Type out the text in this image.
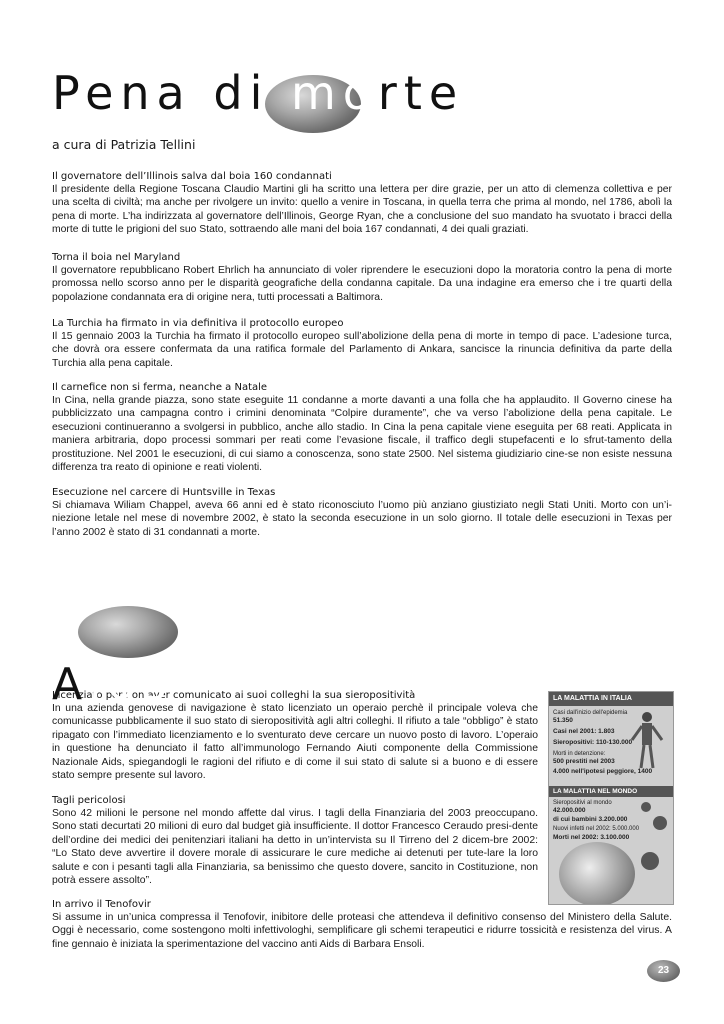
Pena di morte
a cura di Patrizia Tellini

Il governatore dell’Illinois salva dal boia 160 condannati

Il presidente della Regione Toscana Claudio Martini gli ha scritto una lettera per dire grazie, per un atto di clemenza collettiva e per una scelta di civiltà; ma anche per rivolgere un invito: quello a venire in Toscana, in quella terra che prima al mondo, nel 1786, abolì la pena di morte. L’ha indirizzata al governatore dell’Illinois, George Ryan, che a conclusione del suo mandato ha svuotato i bracci della morte di tutte le prigioni del suo Stato, sottraendo alle mani del boia 167 condannati, 4 dei quali graziati.

Torna il boia nel Maryland

Il governatore repubblicano Robert Ehrlich ha annunciato di voler riprendere le esecuzioni dopo la moratoria contro la pena di morte promossa nello scorso anno per le disparità geografiche della condanna capitale. Da una indagine era emerso che i tre quarti della popolazione condannata era di origine nera, tutti processati a Baltimora.

La Turchia ha firmato in via definitiva il protocollo europeo

Il 15 gennaio 2003 la Turchia ha firmato il protocollo europeo sull’abolizione della pena di morte in tempo di pace. L’adesione turca, che dovrà ora essere confermata da una ratifica formale del Parlamento di Ankara, sancisce la rinuncia definitiva da parte della Turchia alla pena capitale.

Il carnefice non si ferma, neanche a Natale

In Cina, nella grande piazza, sono state eseguite 11 condanne a morte davanti a una folla che ha applaudito. Il Governo cinese ha pubblicizzato una campagna contro i crimini denominata “Colpire duramente”, che va verso l’abolizione della pena capitale. Le esecuzioni continueranno a svolgersi in pubblico, anche allo stadio. In Cina la pena capitale viene eseguita per 68 reati. Applicata in maniera arbitraria, dopo processi sommari per reati come l’evasione fiscale, il traffico degli stupefacenti e lo sfrut-tamento della prostituzione. Nel 2001 le esecuzioni, di cui siamo a conoscenza, sono state 2500. Nel sistema giudiziario cine-se non esiste nessuna differenza tra reato di opinione e reati violenti.

Esecuzione nel carcere di Huntsville in Texas

Si chiamava Wiliam Chappel, aveva 66 anni ed è stato riconosciuto l’uomo più anziano giustiziato negli Stati Uniti. Morto con un’i-niezione letale nel mese di novembre 2002, è stato la seconda esecuzione in un solo giorno. Il totale delle esecuzioni in Texas per l’anno 2002 è stato di 31 condannati a morte.

Aids

Licenziato per non aver comunicato ai suoi colleghi la sua sieropositività

In una azienda genovese di navigazione è stato licenziato un operaio perchè il principale voleva che comunicasse pubblicamente il suo stato di sieropositività agli altri colleghi. Il rifiuto a tale “obbligo” è stato ripagato con l’immediato licenziamento e lo sventurato deve cercare un nuovo posto di lavoro. L’operaio in questione ha denunciato il fatto all’immunologo Fernando Aiuti componente della Commissione Nazionale Aids, spiegandogli le ragioni del rifiuto e di come il sui stato di salute si a buono e di essere stato sempre presente sul lavoro.

Tagli pericolosi

Sono 42 milioni le persone nel mondo affette dal virus. I tagli della Finanziaria del 2003 preoccupano. Sono stati decurtati 20 milioni di euro dal budget già insufficiente. Il dottor Francesco Ceraudo presi-dente dell’ordine dei medici dei penitenziari italiani ha detto in un’intervista su Il Tirreno del 2 dicem-bre 2002: “Lo Stato deve avvertire il dovere morale di assicurare le cure mediche ai detenuti per tute-lare la loro salute e con i pesanti tagli alla Finanziaria, sa benissimo che questo dovere, sancito in Costituzione, non potrà essere assolto”.

In arrivo il Tenofovir

Si assume in un’unica compressa il Tenofovir, inibitore delle proteasi che attendeva il definitivo consenso del Ministero della Salute. Oggi è necessario, come sostengono molti infettivologhi, semplificare gli schemi terapeutici e ridurre tossicità e resistenza del virus. A fine gennaio è iniziata la sperimentazione del vaccino anti Aids di Barbara Ensoli.

LA MALATTIA IN ITALIA
Casi dall'inizio dell'epidemia
51.350
Casi nel 2001: 1.803
Sieropositivi: 110-130.000
Morti in detenzione:
500 prestiti nel 2003
4.000 nell'ipotesi peggiore, 1400
LA MALATTIA NEL MONDO
Sieropositivi al mondo
42.000.000
di cui bambini 3.200.000
Nuovi infetti nel 2002: 5.000.000
Morti nel 2002: 3.100.000
23
